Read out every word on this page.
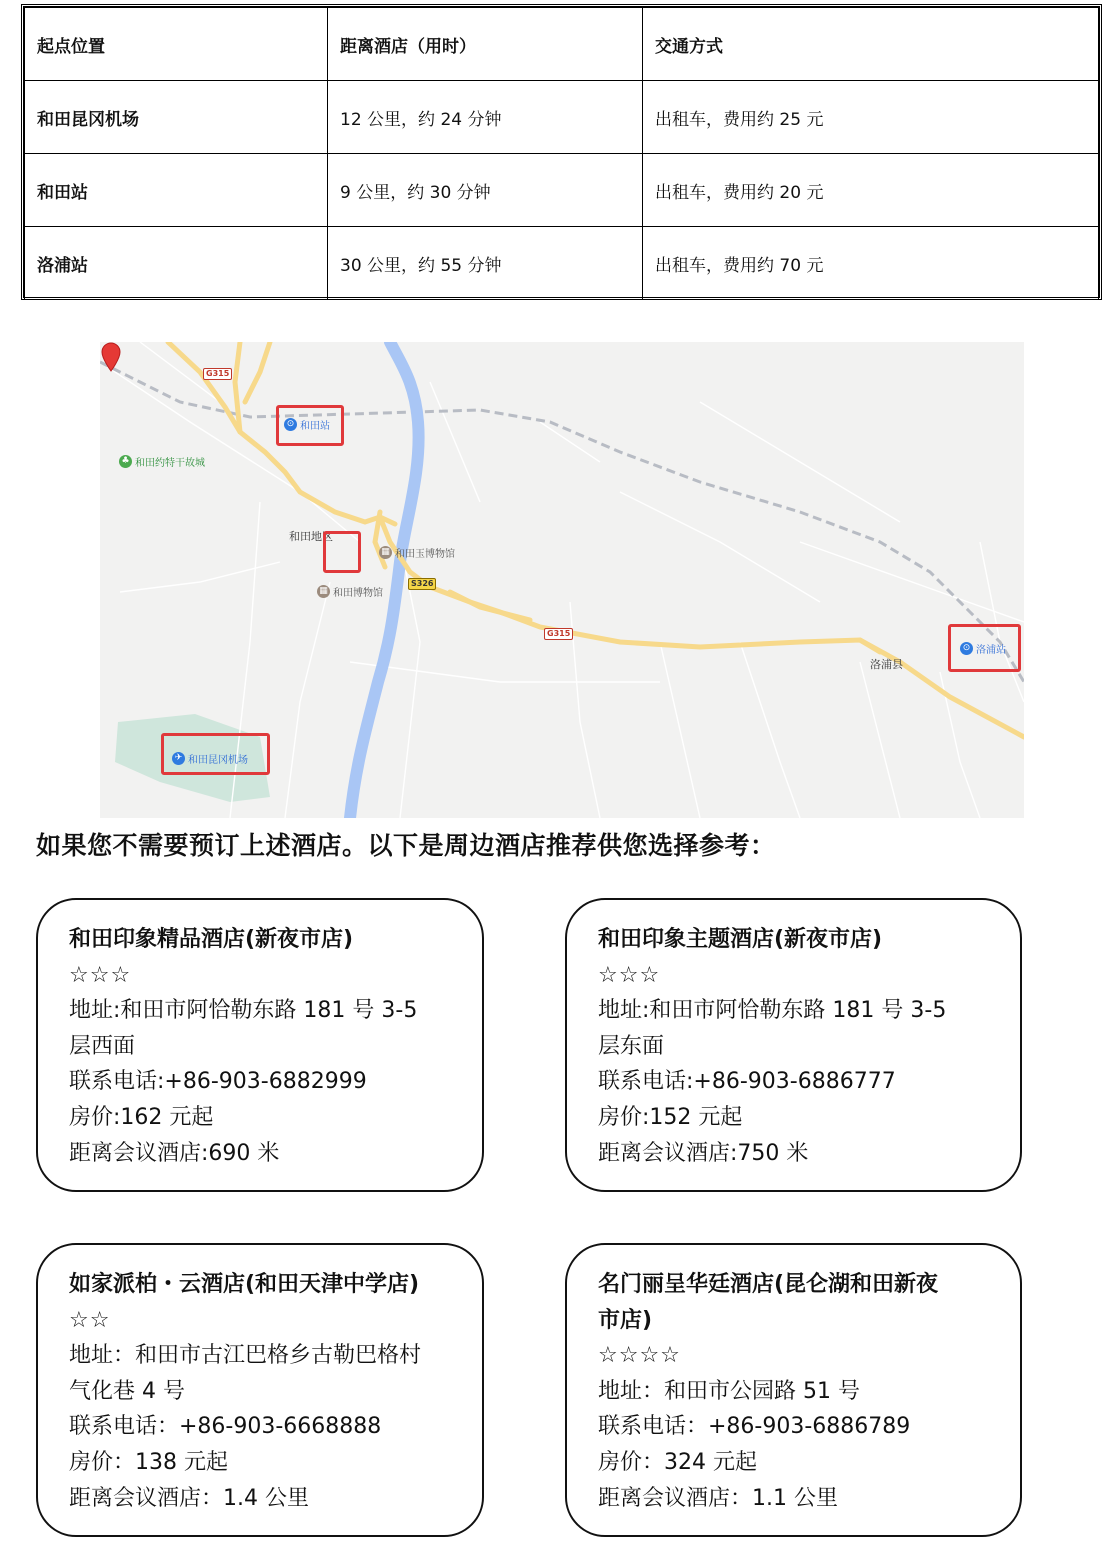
起点位置	距离酒店（用时）	交通方式
和田昆冈机场	12 公里，约 24 分钟	出租车，费用约 25 元
和田站	9 公里，约 30 分钟	出租车，费用约 20 元
洛浦站	30 公里，约 55 分钟	出租车，费用约 70 元
G315
S326
G315
⊙ 和田站
♣ 和田约特干故城
和田地区
▦ 和田玉博物馆
▦ 和田博物馆
洛浦县
⊙ 洛浦站
✈ 和田昆冈机场
如果您不需要预订上述酒店。以下是周边酒店推荐供您选择参考：
和田印象精品酒店(新夜市店)
☆☆☆
地址:和田市阿恰勒东路 181 号 3-5
层西面
联系电话:+86-903-6882999
房价:162 元起
距离会议酒店:690 米
和田印象主题酒店(新夜市店)
☆☆☆
地址:和田市阿恰勒东路 181 号 3-5
层东面
联系电话:+86-903-6886777
房价:152 元起
距离会议酒店:750 米
如家派柏・云酒店(和田天津中学店)
☆☆
地址：和田市古江巴格乡古勒巴格村
气化巷 4 号
联系电话：+86-903-6668888
房价：138 元起
距离会议酒店：1.4 公里
名门丽呈华廷酒店(昆仑湖和田新夜
市店)
☆☆☆☆
地址：和田市公园路 51 号
联系电话：+86-903-6886789
房价：324 元起
距离会议酒店：1.1 公里
